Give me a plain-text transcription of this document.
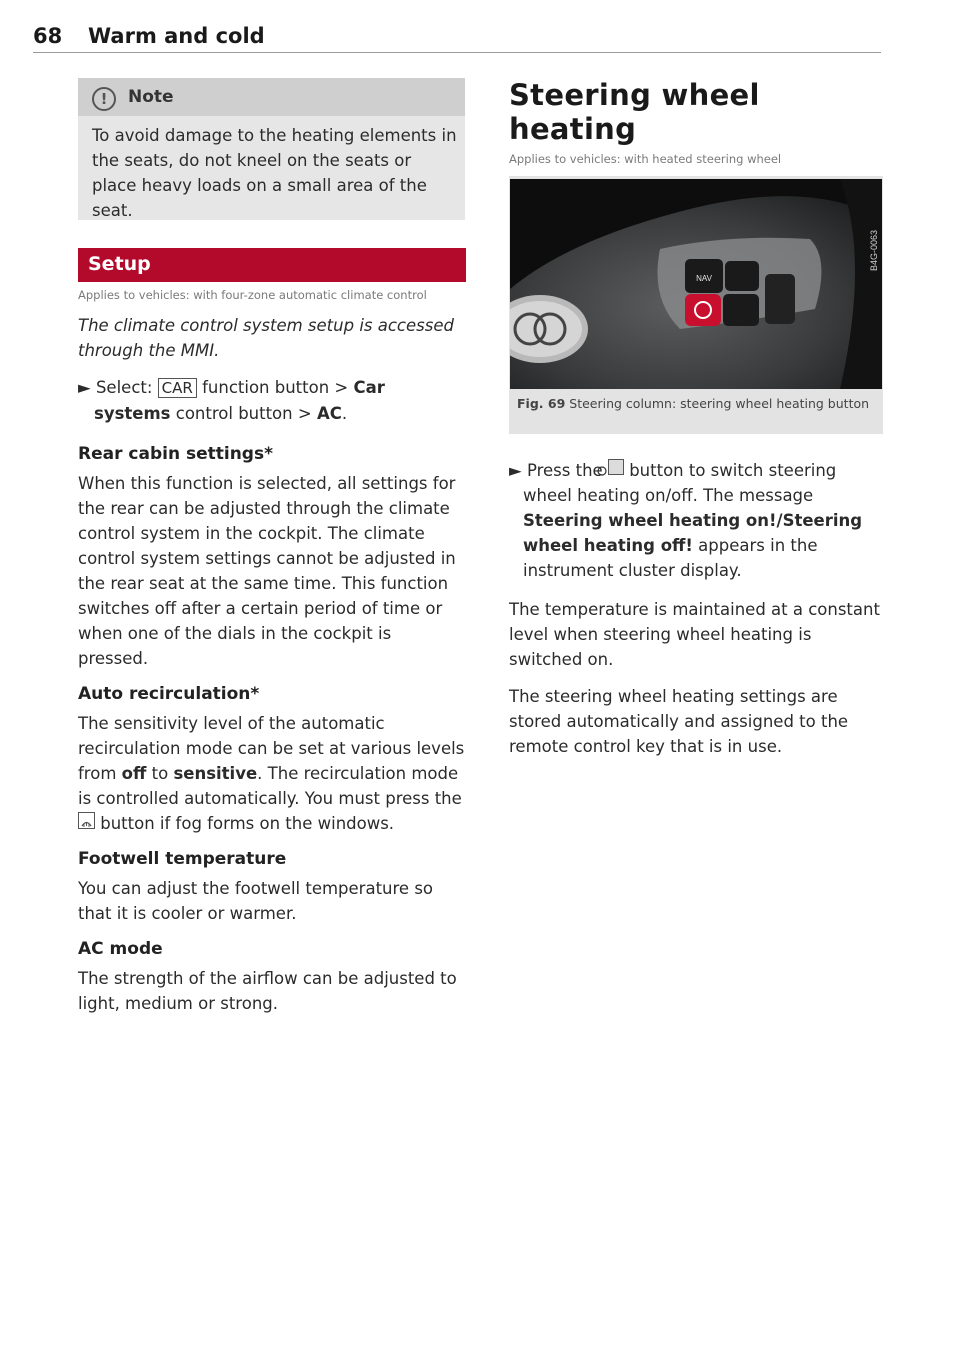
68 Warm and cold
!	Note
To avoid damage to the heating elements in the seats, do not kneel on the seats or place heavy loads on a small area of the seat.
Setup
Applies to vehicles: with four-zone automatic climate control
The climate control system setup is accessed through the MMI.
► Select: CAR function button > Car systems control button > AC.
Rear cabin settings*
When this function is selected, all settings for the rear can be adjusted through the climate control system in the cockpit. The climate control system settings cannot be adjusted in the rear seat at the same time. This function switches off after a certain period of time or when one of the dials in the cockpit is pressed.
Auto recirculation*
The sensitivity level of the automatic recirculation mode can be set at various levels from off to sensitive. The recirculation mode is controlled automatically. You must press the  button if fog forms on the windows.
Footwell temperature
You can adjust the footwell temperature so that it is cooler or warmer.
AC mode
The strength of the airflow can be adjusted to light, medium or strong.
Steering wheel heating
Applies to vehicles: with heated steering wheel
NAV
B4G-0063
Fig. 69 Steering column: steering wheel heating button
► Press the button to switch steering wheel heating on/off. The message Steering wheel heating on!/Steering wheel heating off! appears in the instrument cluster display.
The temperature is maintained at a constant level when steering wheel heating is switched on.
The steering wheel heating settings are stored automatically and assigned to the remote control key that is in use.
